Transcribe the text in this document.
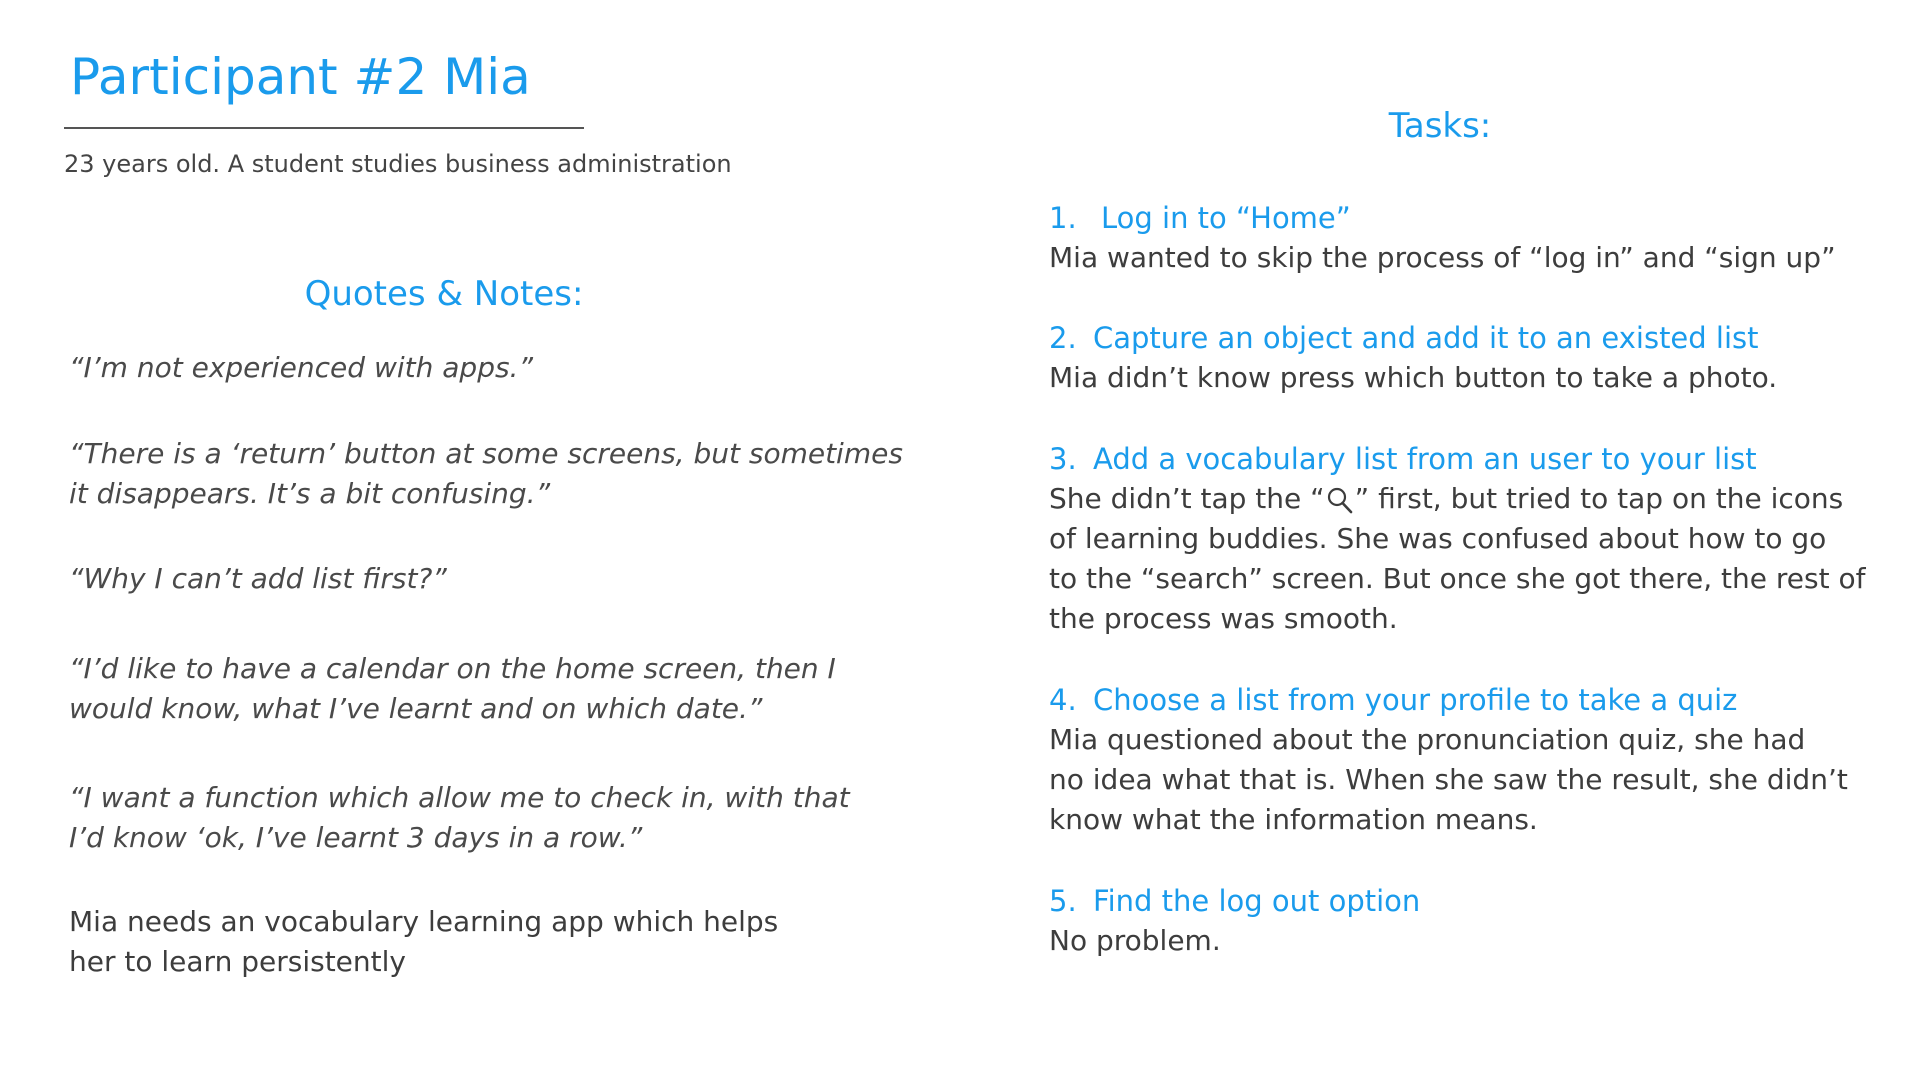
Participant #2 Mia
23 years old. A student studies business administration
Quotes & Notes:
“I’m not experienced with apps.”
“There is a ‘return’ button at some screens, but sometimes
it disappears. It’s a bit confusing.”
“Why I can’t add list first?”
“I’d like to have a calendar on the home screen, then I
would know, what I’ve learnt and on which date.”
“I want a function which allow me to check in, with that
I’d know ‘ok, I’ve learnt 3 days in a row.”
Mia needs an vocabulary learning app which helps
her to learn persistently
Tasks:
1. Log in to “Home”
Mia wanted to skip the process of “log in” and “sign up”
2. Capture an object and add it to an existed list
Mia didn’t know press which button to take a photo.
3. Add a vocabulary list from an user to your list
She didn’t tap the “ ” first, but tried to tap on the icons
of learning buddies. She was confused about how to go
to the “search” screen. But once she got there, the rest of
the process was smooth.
4. Choose a list from your profile to take a quiz
Mia questioned about the pronunciation quiz, she had
no idea what that is. When she saw the result, she didn’t
know what the information means.
5. Find the log out option
No problem.
